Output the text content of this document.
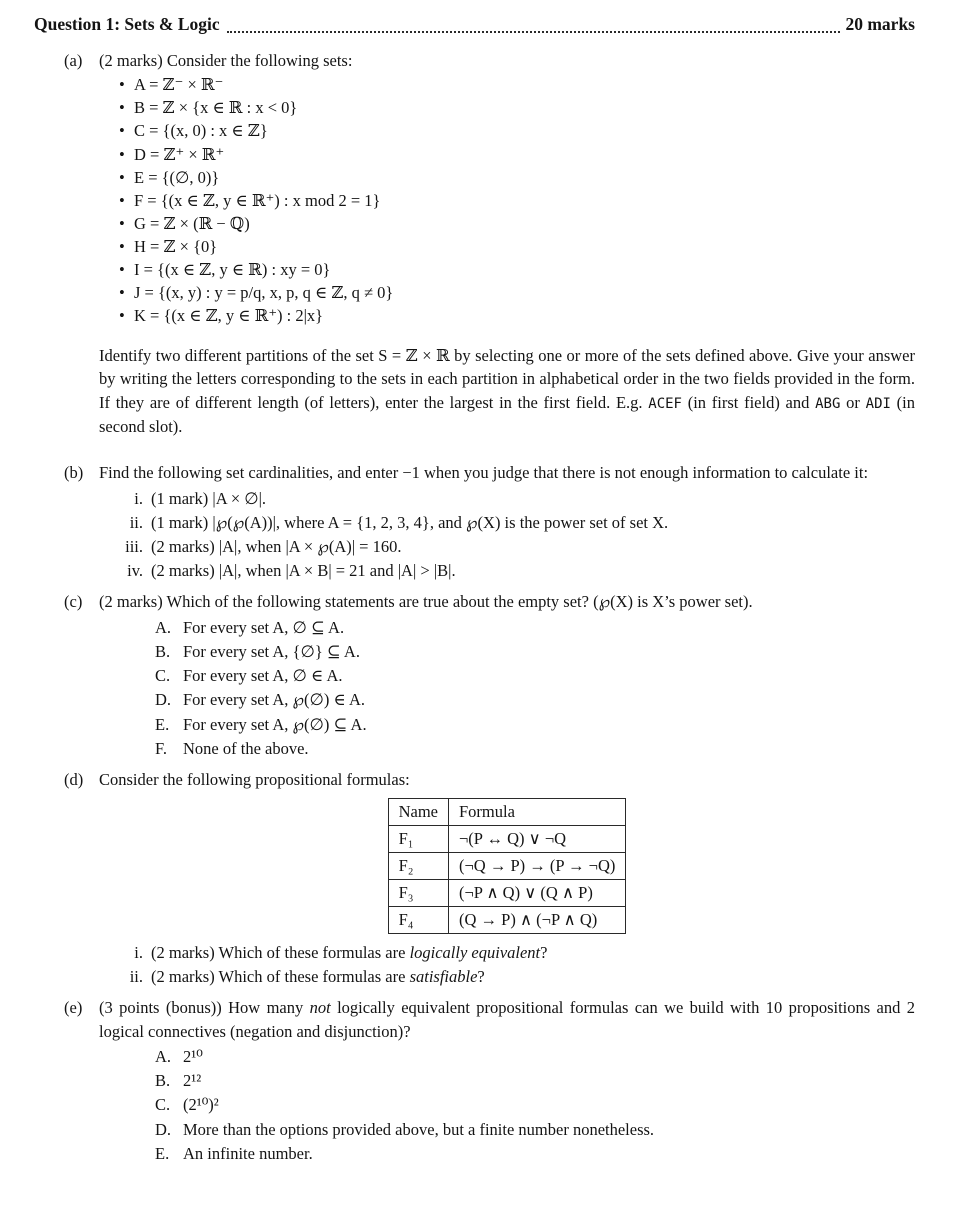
Question 1: Sets & Logic	20 marks
(a)	(2 marks) Consider the following sets:
• A = ℤ⁻ × ℝ⁻
• B = ℤ × {x ∈ ℝ : x < 0}
• C = {(x, 0) : x ∈ ℤ}
• D = ℤ⁺ × ℝ⁺
• E = {(∅, 0)}
• F = {(x ∈ ℤ, y ∈ ℝ⁺) : x mod 2 = 1}
• G = ℤ × (ℝ − ℚ)
• H = ℤ × {0}
• I = {(x ∈ ℤ, y ∈ ℝ) : xy = 0}
• J = {(x, y) : y = p/q, x, p, q ∈ ℤ, q ≠ 0}
• K = {(x ∈ ℤ, y ∈ ℝ⁺) : 2|x}

Identify two different partitions of the set S = ℤ × ℝ by selecting one or more of the sets defined above. Give your answer by writing the letters corresponding to the sets in each partition in alphabetical order in the two fields provided in the form. If they are of different length (of letters), enter the largest in the first field. E.g. ACEF (in first field) and ABG or ADI (in second slot).

(b) Find the following set cardinalities, and enter −1 when you judge that there is not enough information to calculate it:
i. (1 mark) |A × ∅|.
ii. (1 mark) |℘(℘(A))|, where A = {1, 2, 3, 4}, and ℘(X) is the power set of set X.
iii. (2 marks) |A|, when |A × ℘(A)| = 160.
iv. (2 marks) |A|, when |A × B| = 21 and |A| > |B|.
(c)	(2 marks) Which of the following statements are true about the empty set? (℘(X) is X’s power set).
A. For every set A, ∅ ⊆ A.
B. For every set A, {∅} ⊆ A.
C. For every set A, ∅ ∈ A.
D. For every set A, ℘(∅) ∈ A.
E. For every set A, ℘(∅) ⊆ A.
F. None of the above.
(d) Consider the following propositional formulas:
Name	Formula
F₁	¬(P ↔ Q) ∨ ¬Q
F₂	(¬Q → P) → (P → ¬Q)
F₃	(¬P ∧ Q) ∨ (Q ∧ P)
F₄	(Q → P) ∧ (¬P ∧ Q)
i. (2 marks) Which of these formulas are logically equivalent?
ii. (2 marks) Which of these formulas are satisfiable?
(e)	(3 points (bonus)) How many not logically equivalent propositional formulas can we build with 10 propositions and 2 logical connectives (negation and disjunction)?
A. 2¹⁰
B. 2¹²
C. (2¹⁰)²
D. More than the options provided above, but a finite number nonetheless.
E. An infinite number.
